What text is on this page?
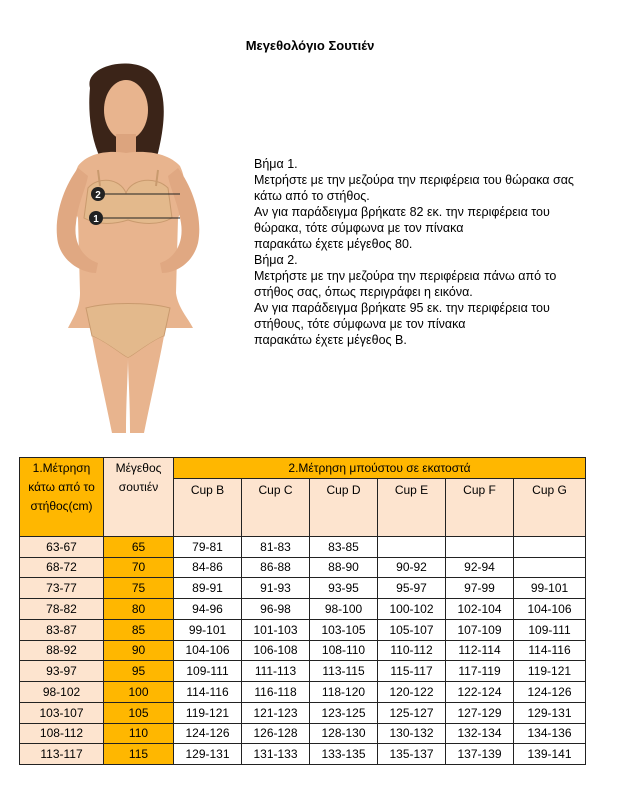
Μεγεθολόγιο Σουτιέν
2
1
Βήμα 1.
Μετρήστε με την μεζούρα την περιφέρεια του θώρακα σας
κάτω από το στήθος.
Αν για παράδειγμα βρήκατε 82 εκ. την περιφέρεια του
θώρακα, τότε σύμφωνα με τον πίνακα
παρακάτω έχετε μέγεθος 80.
Βήμα 2.
Μετρήστε με την μεζούρα την περιφέρεια πάνω από το
στήθος σας, όπως περιγράφει η εικόνα.
Αν για παράδειγμα βρήκατε 95 εκ. την περιφέρεια του
στήθους, τότε σύμφωνα με τον πίνακα
παρακάτω έχετε μέγεθος Β.
1.Μέτρηση κάτω από το στήθος(cm)	Μέγεθος σουτιέν	2.Μέτρηση μπούστου σε εκατοστά					
		Cup B	Cup C	Cup D	Cup E	Cup F	Cup G
63-67	65	79-81	81-83	83-85			
68-72	70	84-86	86-88	88-90	90-92	92-94	
73-77	75	89-91	91-93	93-95	95-97	97-99	99-101
78-82	80	94-96	96-98	98-100	100-102	102-104	104-106
83-87	85	99-101	101-103	103-105	105-107	107-109	109-111
88-92	90	104-106	106-108	108-110	110-112	112-114	114-116
93-97	95	109-111	111-113	113-115	115-117	117-119	119-121
98-102	100	114-116	116-118	118-120	120-122	122-124	124-126
103-107	105	119-121	121-123	123-125	125-127	127-129	129-131
108-112	110	124-126	126-128	128-130	130-132	132-134	134-136
113-117	115	129-131	131-133	133-135	135-137	137-139	139-141
